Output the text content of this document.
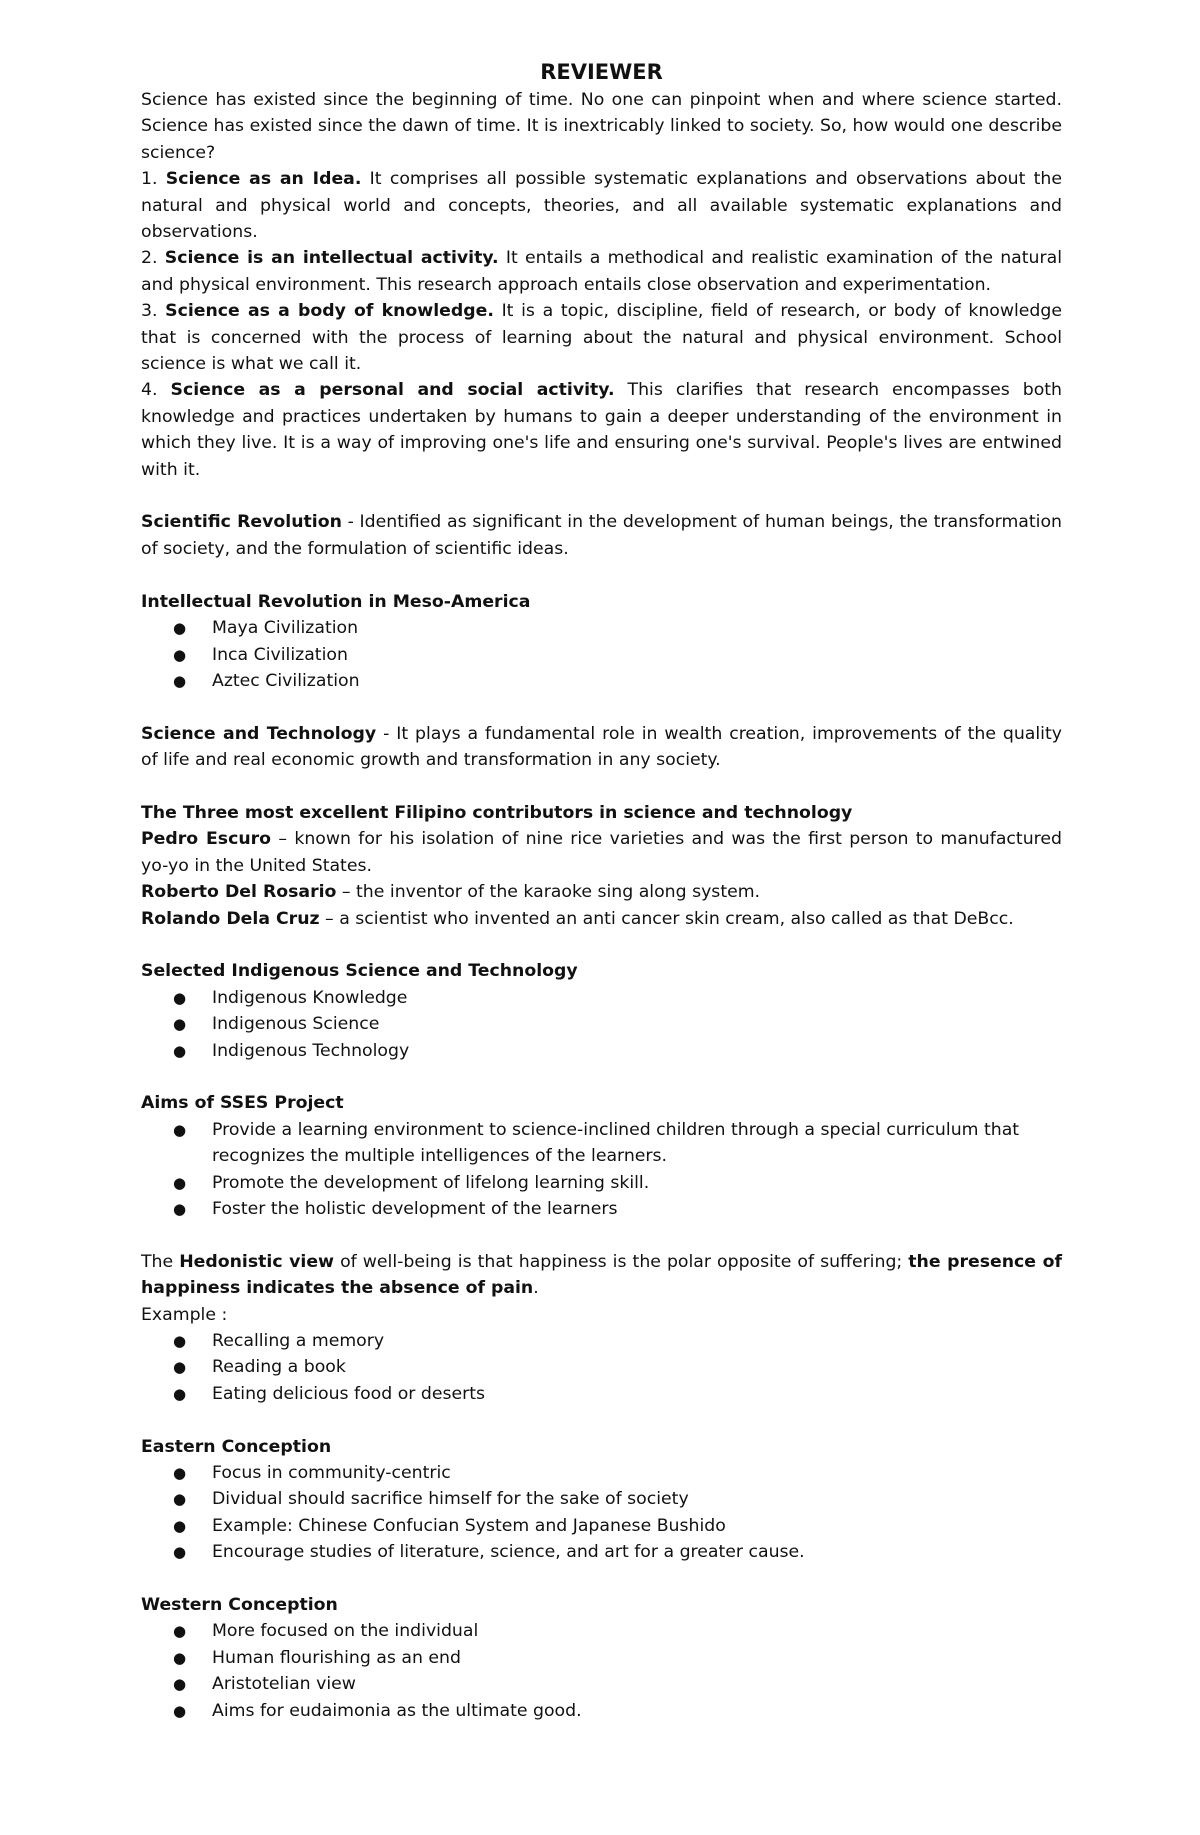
REVIEWER

Science has existed since the beginning of time. No one can pinpoint when and where science started. Science has existed since the dawn of time. It is inextricably linked to society. So, how would one describe science?

1. Science as an Idea. It comprises all possible systematic explanations and observations about the natural and physical world and concepts, theories, and all available systematic explanations and observations.

2. Science is an intellectual activity. It entails a methodical and realistic examination of the natural and physical environment. This research approach entails close observation and experimentation.

3. Science as a body of knowledge. It is a topic, discipline, field of research, or body of knowledge that is concerned with the process of learning about the natural and physical environment. School science is what we call it.

4. Science as a personal and social activity. This clarifies that research encompasses both knowledge and practices undertaken by humans to gain a deeper understanding of the environment in which they live. It is a way of improving one's life and ensuring one's survival. People's lives are entwined with it.

Scientific Revolution - Identified as significant in the development of human beings, the transformation of society, and the formulation of scientific ideas.

Intellectual Revolution in Meso-America

● Maya Civilization
● Inca Civilization
● Aztec Civilization

Science and Technology - It plays a fundamental role in wealth creation, improvements of the quality of life and real economic growth and transformation in any society.

The Three most excellent Filipino contributors in science and technology

Pedro Escuro – known for his isolation of nine rice varieties and was the first person to manufactured yo-yo in the United States.

Roberto Del Rosario – the inventor of the karaoke sing along system.

Rolando Dela Cruz – a scientist who invented an anti cancer skin cream, also called as that DeBcc.

Selected Indigenous Science and Technology

● Indigenous Knowledge
● Indigenous Science
● Indigenous Technology

Aims of SSES Project

● Provide a learning environment to science-inclined children through a special curriculum that recognizes the multiple intelligences of the learners.
● Promote the development of lifelong learning skill.
● Foster the holistic development of the learners

The Hedonistic view of well-being is that happiness is the polar opposite of suffering; the presence of happiness indicates the absence of pain.

Example :

● Recalling a memory
● Reading a book
● Eating delicious food or deserts

Eastern Conception

● Focus in community-centric
● Dividual should sacrifice himself for the sake of society
● Example: Chinese Confucian System and Japanese Bushido
● Encourage studies of literature, science, and art for a greater cause.

Western Conception

● More focused on the individual
● Human flourishing as an end
● Aristotelian view
● Aims for eudaimonia as the ultimate good.
